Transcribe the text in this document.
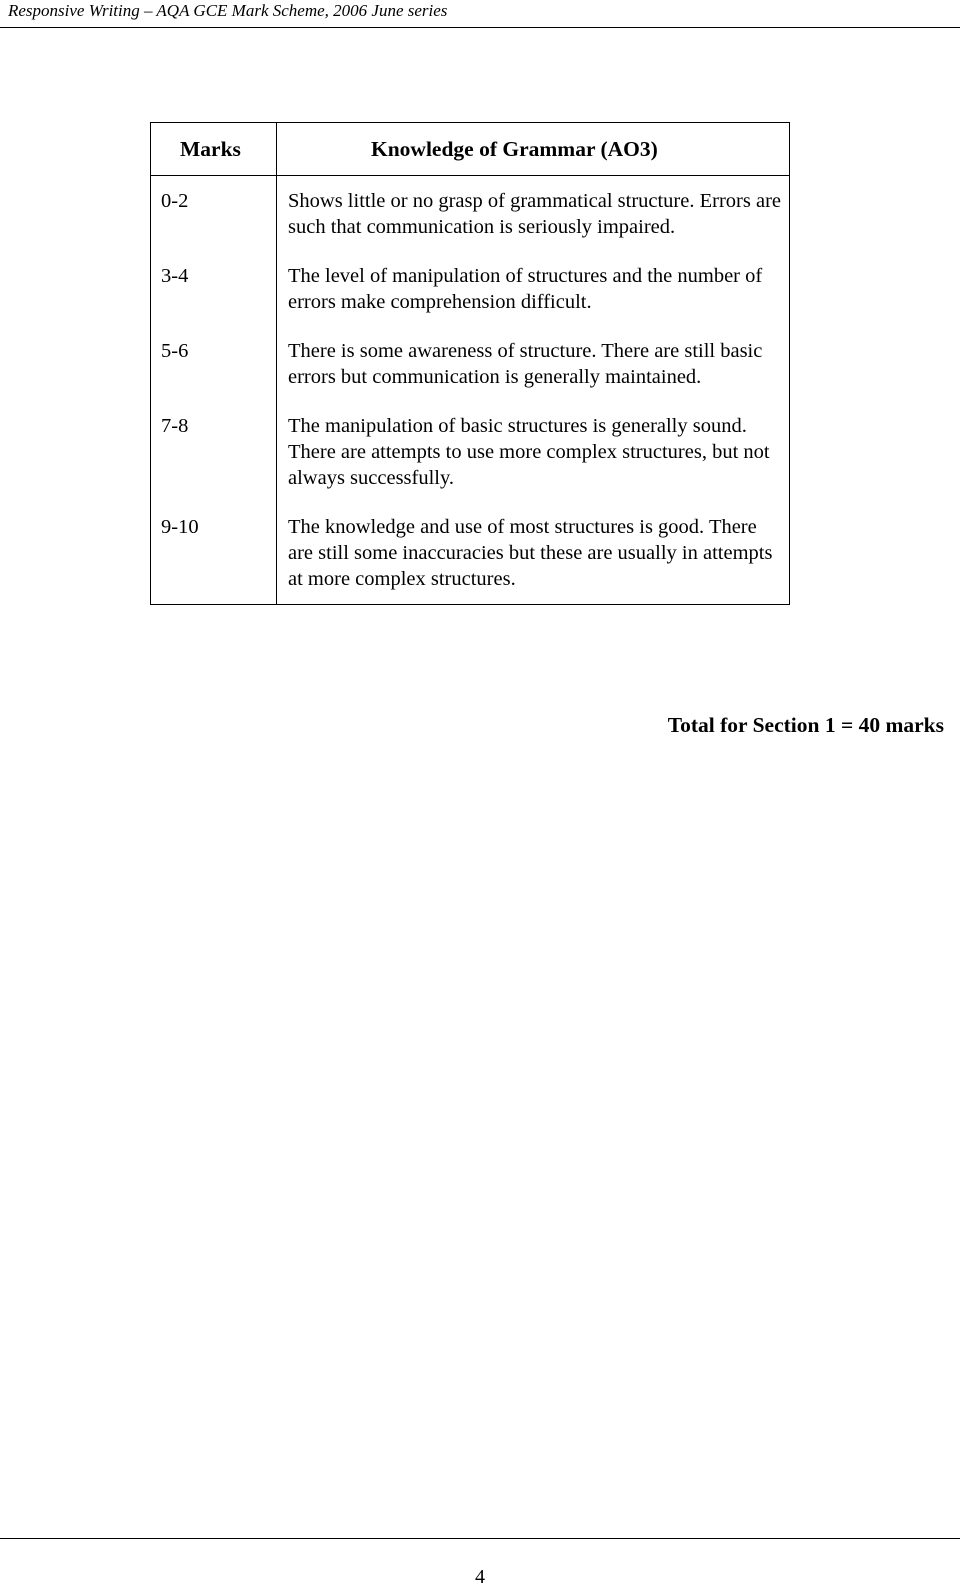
Responsive Writing – AQA GCE Mark Scheme, 2006 June series
Marks	Knowledge of Grammar (AO3)
0-2	Shows little or no grasp of grammatical structure. Errors are such that communication is seriously impaired.
3-4	The level of manipulation of structures and the number of errors make comprehension difficult.
5-6	There is some awareness of structure. There are still basic errors but communication is generally maintained.
7-8	The manipulation of basic structures is generally sound. There are attempts to use more complex structures, but not always successfully.
9-10	The knowledge and use of most structures is good. There are still some inaccuracies but these are usually in attempts at more complex structures.
Total for Section 1 = 40 marks
4
